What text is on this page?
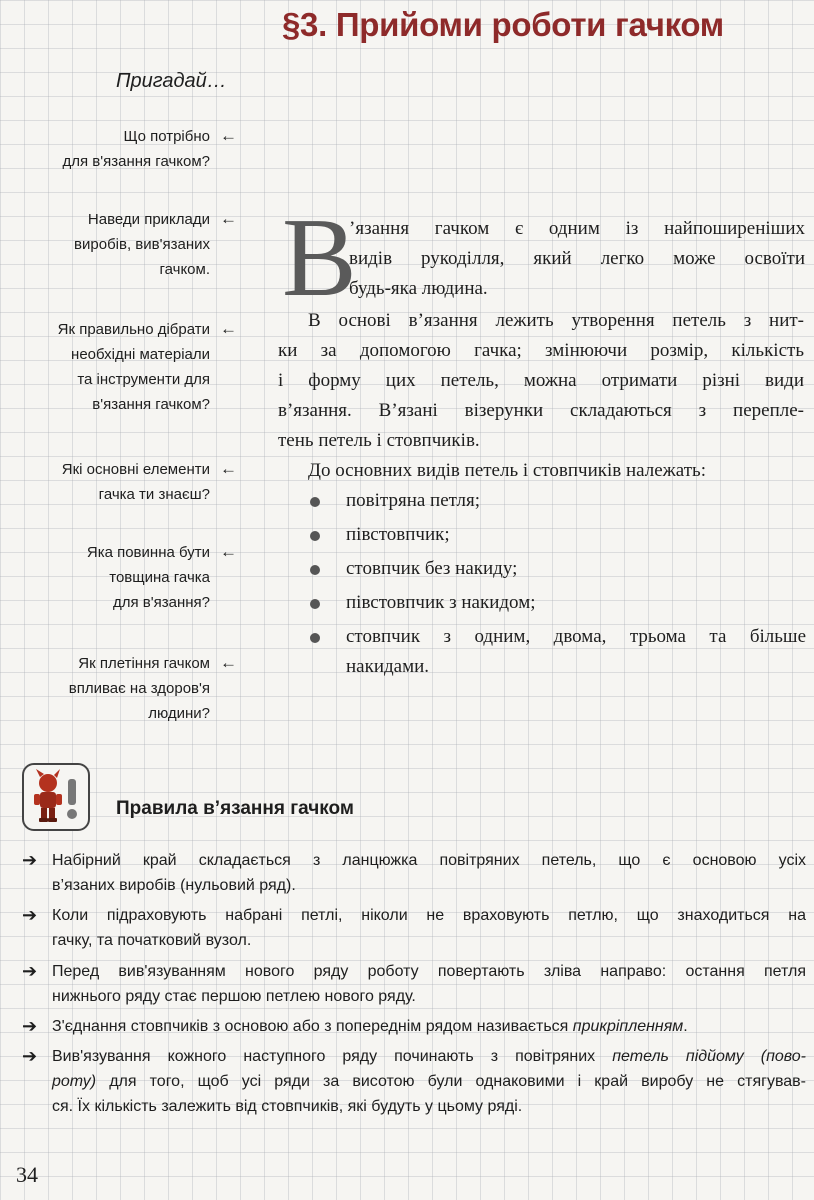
§3. Прийоми роботи гачком
Пригадай…
Що потрібно
для в'язання гачком?
←
Наведи приклади
виробів, вив'язаних
гачком.
←
Як правильно дібрати
необхідні матеріали
та інструменти для
в'язання гачком?
←
Які основні елементи
гачка ти знаєш?
←
Яка повинна бути
товщина гачка
для в'язання?
←
Як плетіння гачком
впливає на здоров'я
людини?
←
В
’язання гачком є одним із найпоширеніших
видів рукоділля, який легко може освоїти
будь-яка людина.
В основі в’язання лежить утворення петель з нит-
ки за допомогою гачка; змінюючи розмір, кількість
і форму цих петель, можна отримати різні види
в’язання. В’язані візерунки складаються з перепле-
тень петель і стовпчиків.
До основних видів петель і стовпчиків належать:
повітряна петля;
півстовпчик;
стовпчик без накиду;
півстовпчик з накидом;
стовпчик з одним, двома, трьома та більше
накидами.
Правила в’язання гачком
➔ Набірний край складається з ланцюжка повітряних петель, що є основою усіх
в’язаних виробів (нульовий ряд).
➔ Коли підраховують набрані петлі, ніколи не враховують петлю, що знаходиться на
гачку, та початковий вузол.
➔ Перед вив'язуванням нового ряду роботу повертають зліва направо: остання петля
нижнього ряду стає першою петлею нового ряду.
➔ З'єднання стовпчиків з основою або з попереднім рядом називається прикріпленням.
➔ Вив'язування кожного наступного ряду починають з повітряних петель підйому (пово-
роту) для того, щоб усі ряди за висотою були однаковими і край виробу не стягував-
ся. Їх кількість залежить від стовпчиків, які будуть у цьому ряді.
34
